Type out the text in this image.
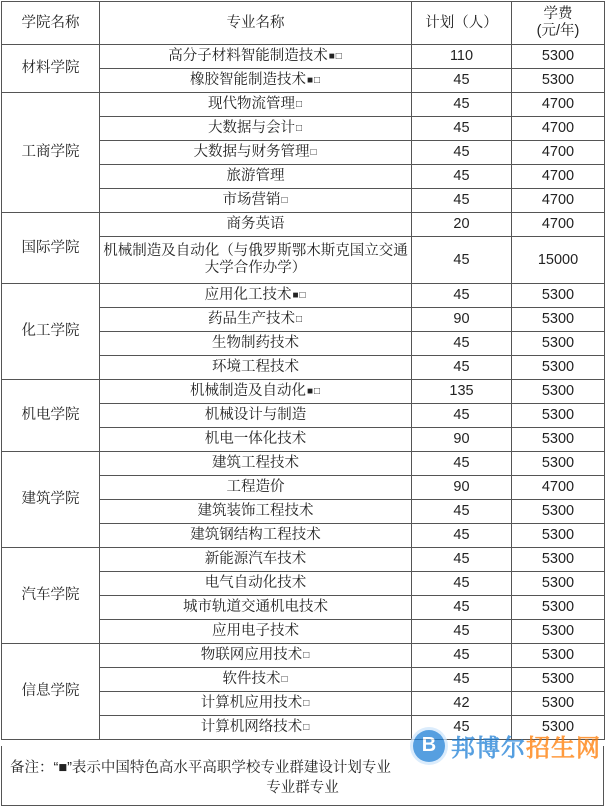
学院名称	专业名称	计划（人）	学费
(元/年)

材料学院	高分子材料智能制造技术■□	110	5300
	橡胶智能制造技术■□	45	5300
工商学院	现代物流管理□	45	4700
	大数据与会计□	45	4700
	大数据与财务管理□	45	4700
	旅游管理	45	4700
	市场营销□	45	4700
国际学院	商务英语	20	4700
	机械制造及自动化（与俄罗斯鄂木斯克国立交通大学合作办学）	45	15000
化工学院	应用化工技术■□	45	5300
	药品生产技术□	90	5300
	生物制药技术	45	5300
	环境工程技术	45	5300
机电学院	机械制造及自动化■□	135	5300
	机械设计与制造	45	5300
	机电一体化技术	90	5300
建筑学院	建筑工程技术	45	5300
	工程造价	90	4700
	建筑装饰工程技术	45	5300
	建筑钢结构工程技术	45	5300
汽车学院	新能源汽车技术	45	5300
	电气自动化技术	45	5300
	城市轨道交通机电技术	45	5300
	应用电子技术	45	5300
信息学院	物联网应用技术□	45	5300
	软件技术□	45	5300
	计算机应用技术□	42	5300
	计算机网络技术□	45	5300
备注：“■”表示中国特色高水平高职学校专业群建设计划专业
专业群专业
B 邦博尔招生网
